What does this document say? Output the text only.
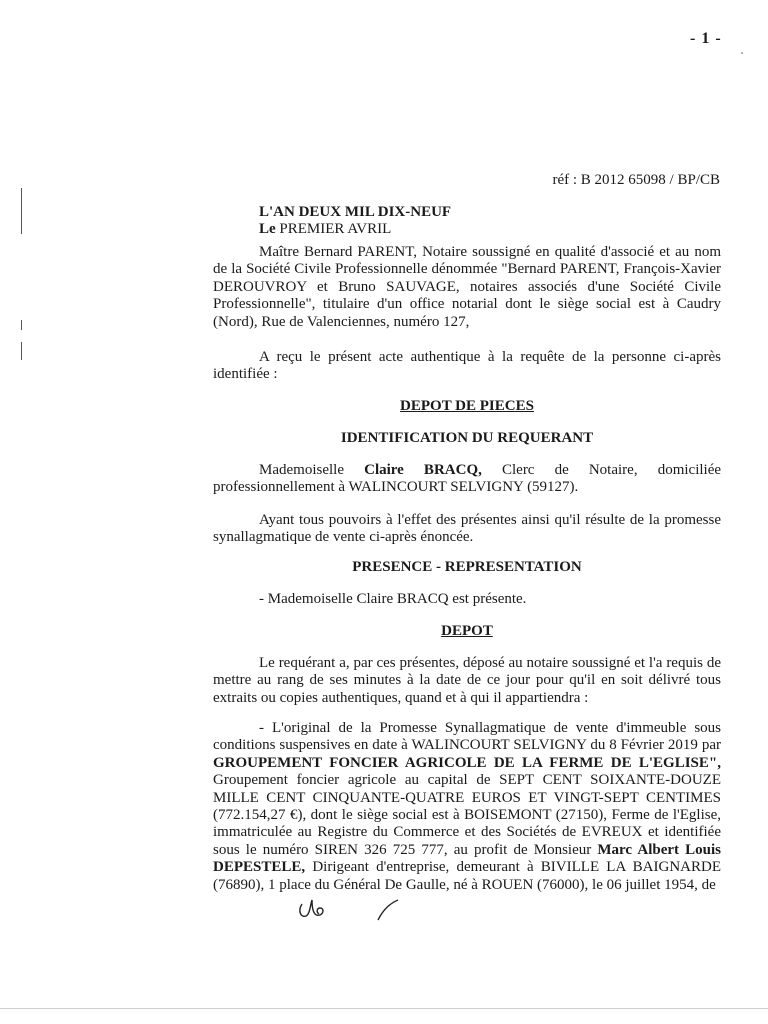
- 1 -
réf : B 2012 65098 / BP/CB
L'AN DEUX MIL DIX-NEUF
Le PREMIER AVRIL

Maître Bernard PARENT, Notaire soussigné en qualité d'associé et au nom de la Société Civile Professionnelle dénommée "Bernard PARENT, François-Xavier DEROUVROY et Bruno SAUVAGE, notaires associés d'une Société Civile Professionnelle", titulaire d'un office notarial dont le siège social est à Caudry (Nord), Rue de Valenciennes, numéro 127,

A reçu le présent acte authentique à la requête de la personne ci-après identifiée :

DEPOT DE PIECES
IDENTIFICATION DU REQUERANT

Mademoiselle Claire BRACQ, Clerc de Notaire, domiciliée professionnellement à WALINCOURT SELVIGNY (59127).

Ayant tous pouvoirs à l'effet des présentes ainsi qu'il résulte de la promesse synallagmatique de vente ci-après énoncée.

PRESENCE - REPRESENTATION
- Mademoiselle Claire BRACQ est présente.
DEPOT

Le requérant a, par ces présentes, déposé au notaire soussigné et l'a requis de mettre au rang de ses minutes à la date de ce jour pour qu'il en soit délivré tous extraits ou copies authentiques, quand et à qui il appartiendra :

- L'original de la Promesse Synallagmatique de vente d'immeuble sous conditions suspensives en date à WALINCOURT SELVIGNY du 8 Février 2019 par GROUPEMENT FONCIER AGRICOLE DE LA FERME DE L'EGLISE", Groupement foncier agricole au capital de SEPT CENT SOIXANTE-DOUZE MILLE CENT CINQUANTE-QUATRE EUROS ET VINGT-SEPT CENTIMES (772.154,27 €), dont le siège social est à BOISEMONT (27150), Ferme de l'Eglise, immatriculée au Registre du Commerce et des Sociétés de EVREUX et identifiée sous le numéro SIREN 326 725 777, au profit de Monsieur Marc Albert Louis DEPESTELE, Dirigeant d'entreprise, demeurant à BIVILLE LA BAIGNARDE (76890), 1 place du Général De Gaulle, né à ROUEN (76000), le 06 juillet 1954, de
